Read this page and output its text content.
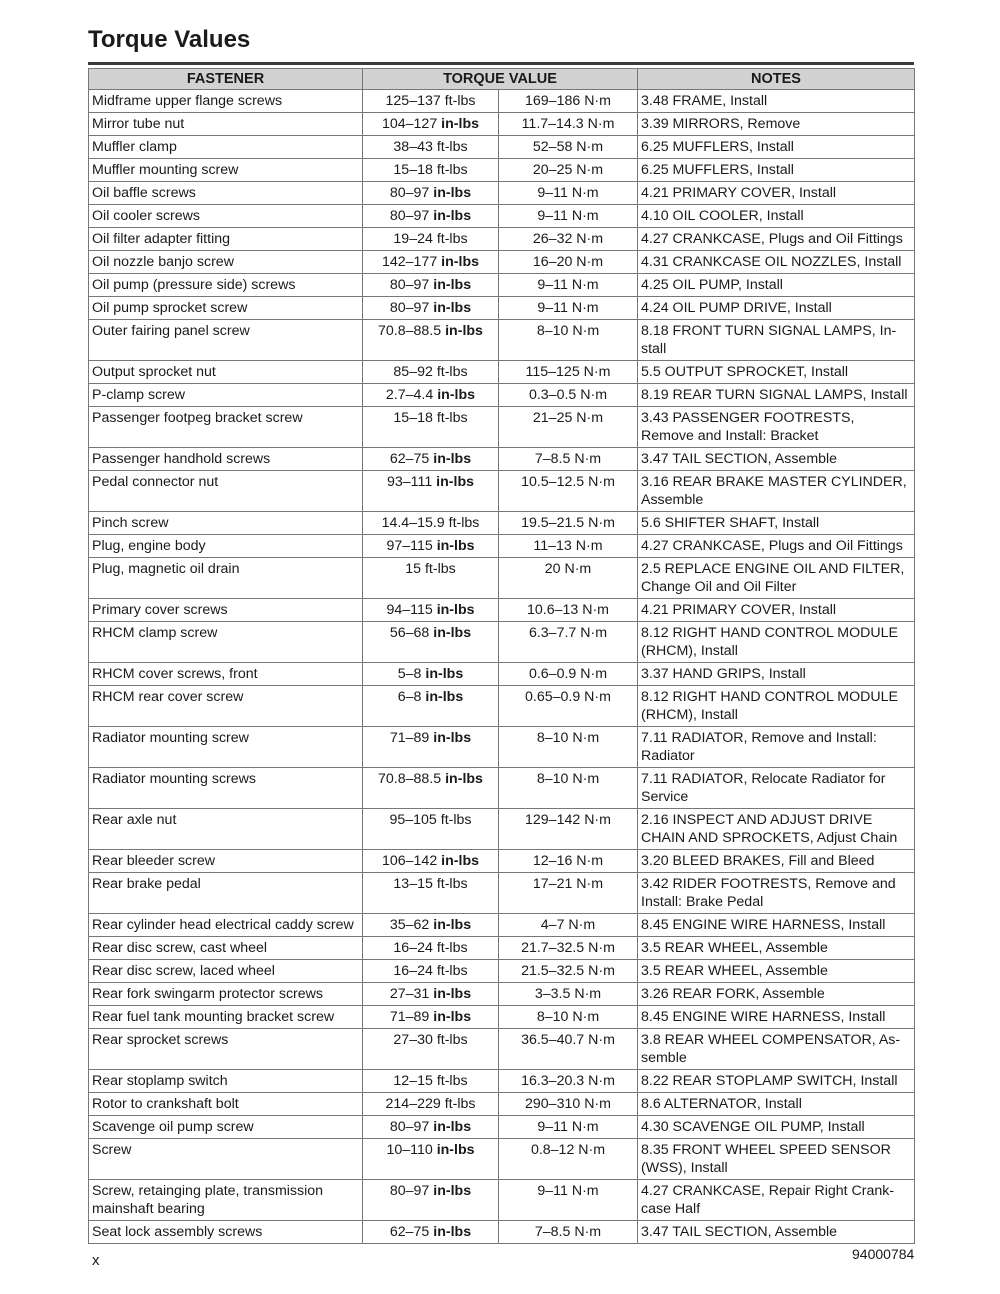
Torque Values
FASTENER	TORQUE VALUE		NOTES
Midframe upper flange screws	125–137 ft-lbs	169–186 N·m	3.48 FRAME, Install
Mirror tube nut	104–127 in-lbs	11.7–14.3 N·m	3.39 MIRRORS, Remove
Muffler clamp	38–43 ft-lbs	52–58 N·m	6.25 MUFFLERS, Install
Muffler mounting screw	15–18 ft-lbs	20–25 N·m	6.25 MUFFLERS, Install
Oil baffle screws	80–97 in-lbs	9–11 N·m	4.21 PRIMARY COVER, Install
Oil cooler screws	80–97 in-lbs	9–11 N·m	4.10 OIL COOLER, Install
Oil filter adapter fitting	19–24 ft-lbs	26–32 N·m	4.27 CRANKCASE, Plugs and Oil Fittings
Oil nozzle banjo screw	142–177 in-lbs	16–20 N·m	4.31 CRANKCASE OIL NOZZLES, Install
Oil pump (pressure side) screws	80–97 in-lbs	9–11 N·m	4.25 OIL PUMP, Install
Oil pump sprocket screw	80–97 in-lbs	9–11 N·m	4.24 OIL PUMP DRIVE, Install
Outer fairing panel screw	70.8–88.5 in-lbs	8–10 N·m	8.18 FRONT TURN SIGNAL LAMPS, In-stall
Output sprocket nut	85–92 ft-lbs	115–125 N·m	5.5 OUTPUT SPROCKET, Install
P-clamp screw	2.7–4.4 in-lbs	0.3–0.5 N·m	8.19 REAR TURN SIGNAL LAMPS, Install
Passenger footpeg bracket screw	15–18 ft-lbs	21–25 N·m	3.43 PASSENGER FOOTRESTS, Remove and Install: Bracket
Passenger handhold screws	62–75 in-lbs	7–8.5 N·m	3.47 TAIL SECTION, Assemble
Pedal connector nut	93–111 in-lbs	10.5–12.5 N·m	3.16 REAR BRAKE MASTER CYLINDER, Assemble
Pinch screw	14.4–15.9 ft-lbs	19.5–21.5 N·m	5.6 SHIFTER SHAFT, Install
Plug, engine body	97–115 in-lbs	11–13 N·m	4.27 CRANKCASE, Plugs and Oil Fittings
Plug, magnetic oil drain	15 ft-lbs	20 N·m	2.5 REPLACE ENGINE OIL AND FILTER, Change Oil and Oil Filter
Primary cover screws	94–115 in-lbs	10.6–13 N·m	4.21 PRIMARY COVER, Install
RHCM clamp screw	56–68 in-lbs	6.3–7.7 N·m	8.12 RIGHT HAND CONTROL MODULE (RHCM), Install
RHCM cover screws, front	5–8 in-lbs	0.6–0.9 N·m	3.37 HAND GRIPS, Install
RHCM rear cover screw	6–8 in-lbs	0.65–0.9 N·m	8.12 RIGHT HAND CONTROL MODULE (RHCM), Install
Radiator mounting screw	71–89 in-lbs	8–10 N·m	7.11 RADIATOR, Remove and Install: Radiator
Radiator mounting screws	70.8–88.5 in-lbs	8–10 N·m	7.11 RADIATOR, Relocate Radiator for Service
Rear axle nut	95–105 ft-lbs	129–142 N·m	2.16 INSPECT AND ADJUST DRIVE CHAIN AND SPROCKETS, Adjust Chain
Rear bleeder screw	106–142 in-lbs	12–16 N·m	3.20 BLEED BRAKES, Fill and Bleed
Rear brake pedal	13–15 ft-lbs	17–21 N·m	3.42 RIDER FOOTRESTS, Remove and Install: Brake Pedal
Rear cylinder head electrical caddy screw	35–62 in-lbs	4–7 N·m	8.45 ENGINE WIRE HARNESS, Install
Rear disc screw, cast wheel	16–24 ft-lbs	21.7–32.5 N·m	3.5 REAR WHEEL, Assemble
Rear disc screw, laced wheel	16–24 ft-lbs	21.5–32.5 N·m	3.5 REAR WHEEL, Assemble
Rear fork swingarm protector screws	27–31 in-lbs	3–3.5 N·m	3.26 REAR FORK, Assemble
Rear fuel tank mounting bracket screw	71–89 in-lbs	8–10 N·m	8.45 ENGINE WIRE HARNESS, Install
Rear sprocket screws	27–30 ft-lbs	36.5–40.7 N·m	3.8 REAR WHEEL COMPENSATOR, As-semble
Rear stoplamp switch	12–15 ft-lbs	16.3–20.3 N·m	8.22 REAR STOPLAMP SWITCH, Install
Rotor to crankshaft bolt	214–229 ft-lbs	290–310 N·m	8.6 ALTERNATOR, Install
Scavenge oil pump screw	80–97 in-lbs	9–11 N·m	4.30 SCAVENGE OIL PUMP, Install
Screw	10–110 in-lbs	0.8–12 N·m	8.35 FRONT WHEEL SPEED SENSOR (WSS), Install
Screw, retainging plate, transmission mainshaft bearing	80–97 in-lbs	9–11 N·m	4.27 CRANKCASE, Repair Right Crank-case Half
Seat lock assembly screws	62–75 in-lbs	7–8.5 N·m	3.47 TAIL SECTION, Assemble
x	94000784
